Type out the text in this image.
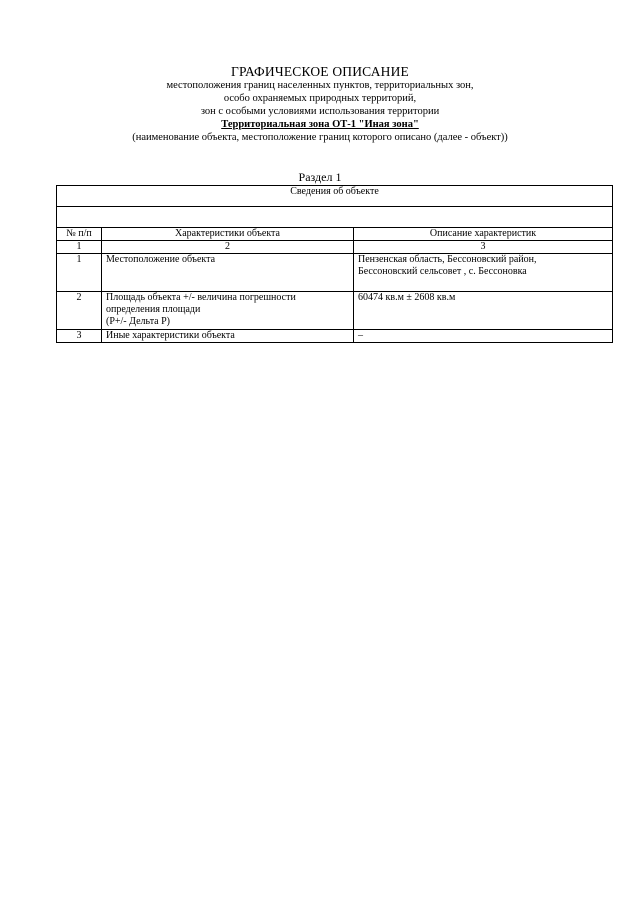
ГРАФИЧЕСКОЕ ОПИСАНИЕ
местоположения границ населенных пунктов, территориальных зон,
особо охраняемых природных территорий,
зон с особыми условиями использования территории
Территориальная зона ОТ-1 "Иная зона"
(наименование объекта, местоположение границ которого описано (далее - объект))
Раздел 1
Сведения об объекте		

№ п/п	Характеристики объекта	Описание характеристик
1	2	3
1	Местоположение объекта	Пензенская область, Бессоновский район,
Бессоновский сельсовет , с. Бессоновка

2	Площадь объекта +/- величина погрешности
определения площади
(Р+/- Дельта Р)	60474 кв.м ± 2608 кв.м
3	Иные характеристики объекта	–
